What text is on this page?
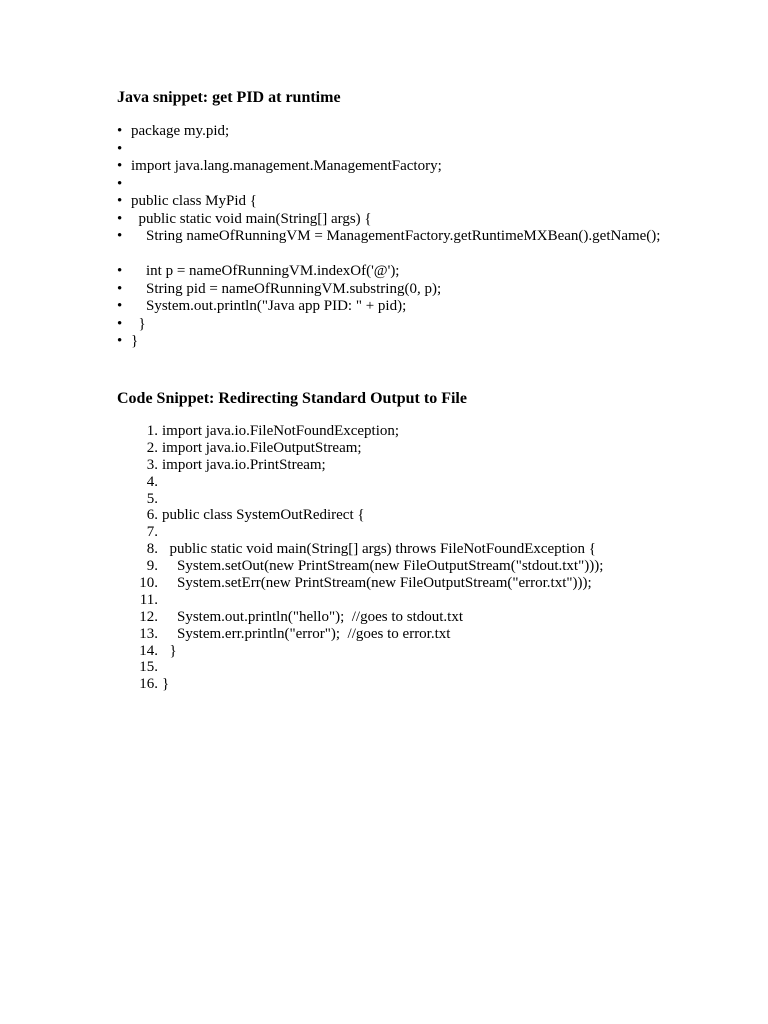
Java snippet: get PID at runtime
• package my.pid;
•
• import java.lang.management.ManagementFactory;
•
• public class MyPid {
• public static void main(String[] args) {
• String nameOfRunningVM = ManagementFactory.getRuntimeMXBean().getName();
• int p = nameOfRunningVM.indexOf('@');
• String pid = nameOfRunningVM.substring(0, p);
• System.out.println("Java app PID: " + pid);
• }
• }
Code Snippet: Redirecting Standard Output to File
1. import java.io.FileNotFoundException;
2. import java.io.FileOutputStream;
3. import java.io.PrintStream;
4.
5.
6. public class SystemOutRedirect {
7.
8. public static void main(String[] args) throws FileNotFoundException {
9. System.setOut(new PrintStream(new FileOutputStream("stdout.txt")));
10. System.setErr(new PrintStream(new FileOutputStream("error.txt")));
11.
12. System.out.println("hello");  //goes to stdout.txt
13. System.err.println("error");  //goes to error.txt
14. }
15.
16. }
